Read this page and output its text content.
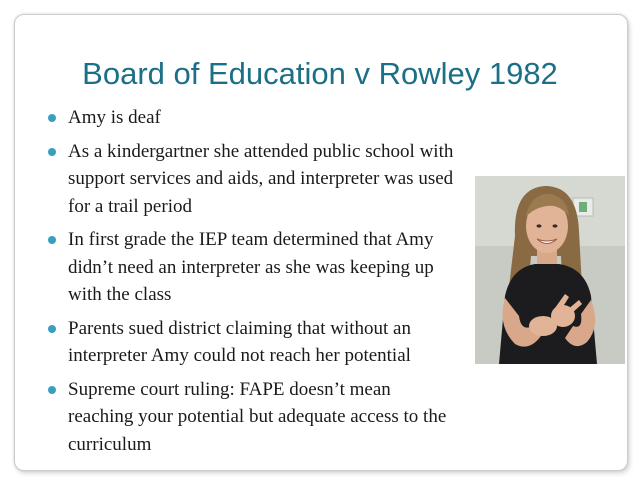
Board of Education v Rowley 1982
Amy is deaf
As a kindergartner she attended public school with support services and aids, and interpreter was used for a trail period
In first grade the IEP team determined that Amy didn’t need an interpreter as she was keeping up with the class
Parents sued district claiming that without an interpreter Amy could not reach her potential
Supreme court ruling: FAPE doesn’t mean reaching your potential but adequate access to the curriculum
